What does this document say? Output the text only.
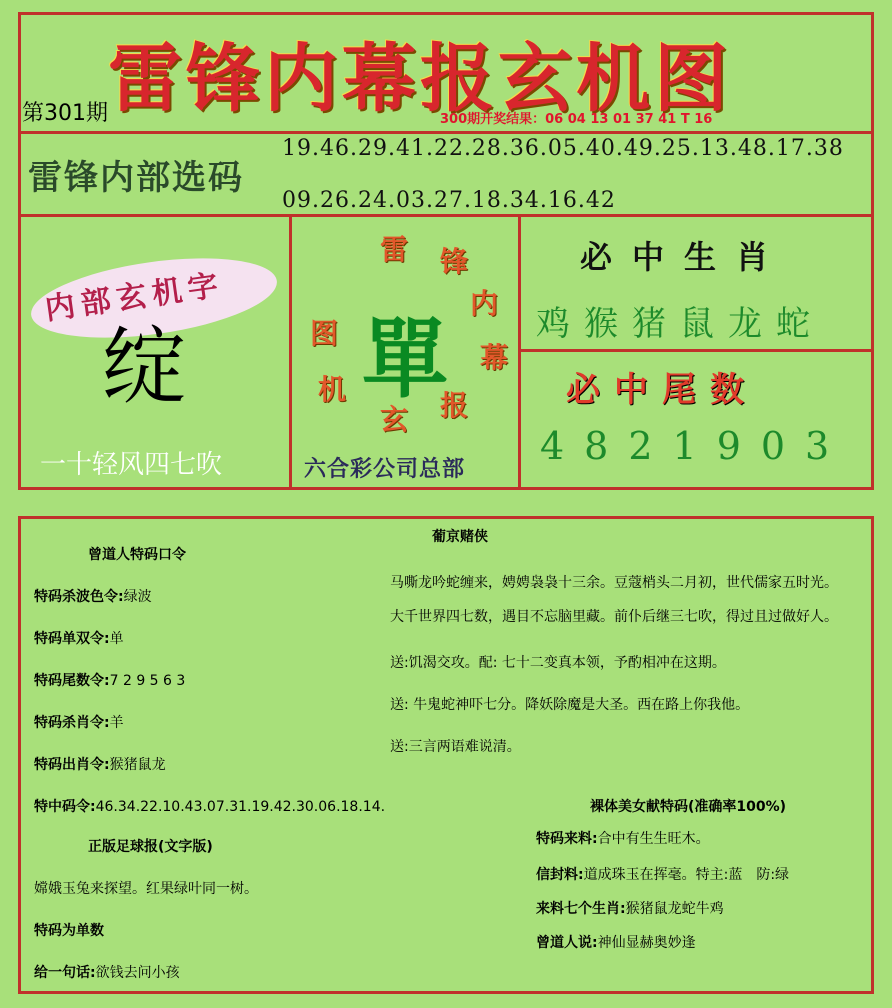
雷 锋 内 幕 报 玄 机 图
第301期	300期开奖结果：06 04 13 01 37 41 T 16
雷锋内部选码
19.46.29.41.22.28.36.05.40.49.25.13.48.17.38
09.26.24.03.27.18.34.16.42
内部玄机字
绽
一十轻风四七吹
雷 锋
内
幕
报
玄
机
图 單
六合彩公司总部
必中生肖
鸡猴猪鼠龙蛇
必中尾数
4821903
曾道人特码口令
特码杀波色令:绿波
特码单双令:单
特码尾数令:7 2 9 5 6 3
特码杀肖令:羊
特码出肖令:猴猪鼠龙
特中码令:46.34.22.10.43.07.31.19.42.30.06.18.14.
正版足球报(文字版)
嫦娥玉兔来探望。红果绿叶同一树。
特码为单数
给一句话:欲钱去问小孩
葡京赌侠
马嘶龙吟蛇缠来，娉娉袅袅十三余。豆蔻梢头二月初，世代儒家五时光。
大千世界四七数，遇目不忘脑里藏。前仆后继三七吹，得过且过做好人。
送:饥渴交攻。配: 七十二变真本领，予酌相冲在这期。
送: 牛鬼蛇神吓七分。降妖除魔是大圣。西在路上你我他。
送:三言两语难说清。
裸体美女献特码(准确率100%)
特码来料:合中有生生旺木。
信封料:道成珠玉在挥毫。特主:蓝　防:绿
来料七个生肖:猴猪鼠龙蛇牛鸡
曾道人说:神仙显赫奥妙逢
